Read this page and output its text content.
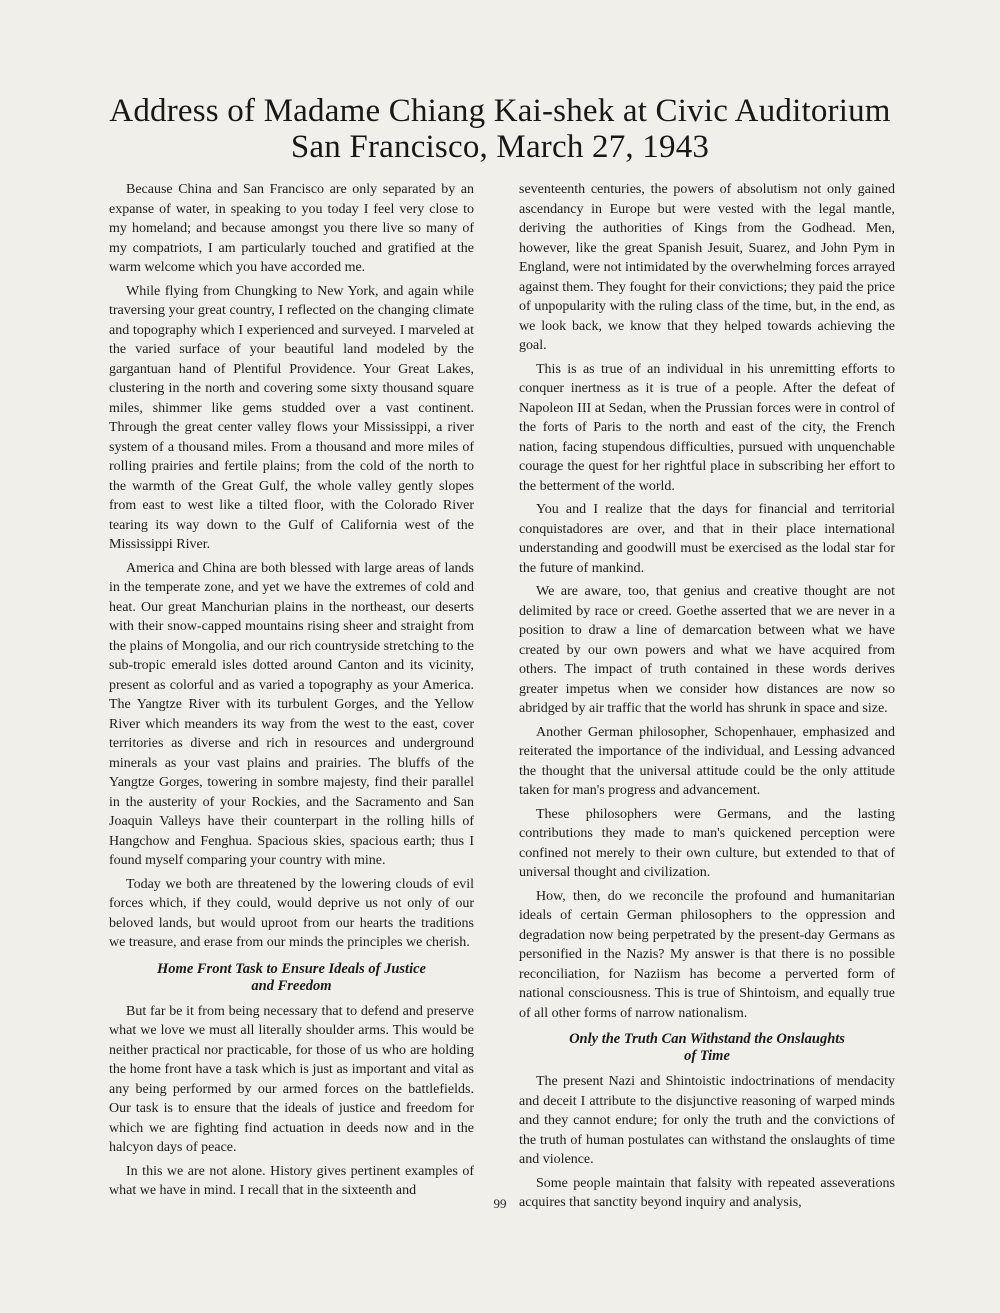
Address of Madame Chiang Kai-shek at Civic Auditorium
San Francisco, March 27, 1943

Because China and San Francisco are only separated by an expanse of water, in speaking to you today I feel very close to my homeland; and because amongst you there live so many of my compatriots, I am particularly touched and gratified at the warm welcome which you have accorded me.

While flying from Chungking to New York, and again while traversing your great country, I reflected on the changing climate and topography which I experienced and surveyed. I marveled at the varied surface of your beautiful land modeled by the gargantuan hand of Plentiful Providence. Your Great Lakes, clustering in the north and covering some sixty thousand square miles, shimmer like gems studded over a vast continent. Through the great center valley flows your Mississippi, a river system of a thousand miles. From a thousand and more miles of rolling prairies and fertile plains; from the cold of the north to the warmth of the Great Gulf, the whole valley gently slopes from east to west like a tilted floor, with the Colorado River tearing its way down to the Gulf of California west of the Mississippi River.

America and China are both blessed with large areas of lands in the temperate zone, and yet we have the extremes of cold and heat. Our great Manchurian plains in the northeast, our deserts with their snow-capped mountains rising sheer and straight from the plains of Mongolia, and our rich countryside stretching to the sub-tropic emerald isles dotted around Canton and its vicinity, present as colorful and as varied a topography as your America. The Yangtze River with its turbulent Gorges, and the Yellow River which meanders its way from the west to the east, cover territories as diverse and rich in resources and underground minerals as your vast plains and prairies. The bluffs of the Yangtze Gorges, towering in sombre majesty, find their parallel in the austerity of your Rockies, and the Sacramento and San Joaquin Valleys have their counterpart in the rolling hills of Hangchow and Fenghua. Spacious skies, spacious earth; thus I found myself comparing your country with mine.

Today we both are threatened by the lowering clouds of evil forces which, if they could, would deprive us not only of our beloved lands, but would uproot from our hearts the traditions we treasure, and erase from our minds the principles we cherish.

Home Front Task to Ensure Ideals of Justice
and Freedom

But far be it from being necessary that to defend and preserve what we love we must all literally shoulder arms. This would be neither practical nor practicable, for those of us who are holding the home front have a task which is just as important and vital as any being performed by our armed forces on the battlefields. Our task is to ensure that the ideals of justice and freedom for which we are fighting find actuation in deeds now and in the halcyon days of peace.

In this we are not alone. History gives pertinent examples of what we have in mind. I recall that in the sixteenth and

seventeenth centuries, the powers of absolutism not only gained ascendancy in Europe but were vested with the legal mantle, deriving the authorities of Kings from the Godhead. Men, however, like the great Spanish Jesuit, Suarez, and John Pym in England, were not intimidated by the overwhelming forces arrayed against them. They fought for their convictions; they paid the price of unpopularity with the ruling class of the time, but, in the end, as we look back, we know that they helped towards achieving the goal.

This is as true of an individual in his unremitting efforts to conquer inertness as it is true of a people. After the defeat of Napoleon III at Sedan, when the Prussian forces were in control of the forts of Paris to the north and east of the city, the French nation, facing stupendous difficulties, pursued with unquenchable courage the quest for her rightful place in subscribing her effort to the betterment of the world.

You and I realize that the days for financial and territorial conquistadores are over, and that in their place international understanding and goodwill must be exercised as the lodal star for the future of mankind.

We are aware, too, that genius and creative thought are not delimited by race or creed. Goethe asserted that we are never in a position to draw a line of demarcation between what we have created by our own powers and what we have acquired from others. The impact of truth contained in these words derives greater impetus when we consider how distances are now so abridged by air traffic that the world has shrunk in space and size.

Another German philosopher, Schopenhauer, emphasized and reiterated the importance of the individual, and Lessing advanced the thought that the universal attitude could be the only attitude taken for man's progress and advancement.

These philosophers were Germans, and the lasting contributions they made to man's quickened perception were confined not merely to their own culture, but extended to that of universal thought and civilization.

How, then, do we reconcile the profound and humanitarian ideals of certain German philosophers to the oppression and degradation now being perpetrated by the present-day Germans as personified in the Nazis? My answer is that there is no possible reconciliation, for Naziism has become a perverted form of national consciousness. This is true of Shintoism, and equally true of all other forms of narrow nationalism.

Only the Truth Can Withstand the Onslaughts
of Time

The present Nazi and Shintoistic indoctrinations of mendacity and deceit I attribute to the disjunctive reasoning of warped minds and they cannot endure; for only the truth and the convictions of the truth of human postulates can withstand the onslaughts of time and violence.

Some people maintain that falsity with repeated asseverations acquires that sanctity beyond inquiry and analysis,

99
